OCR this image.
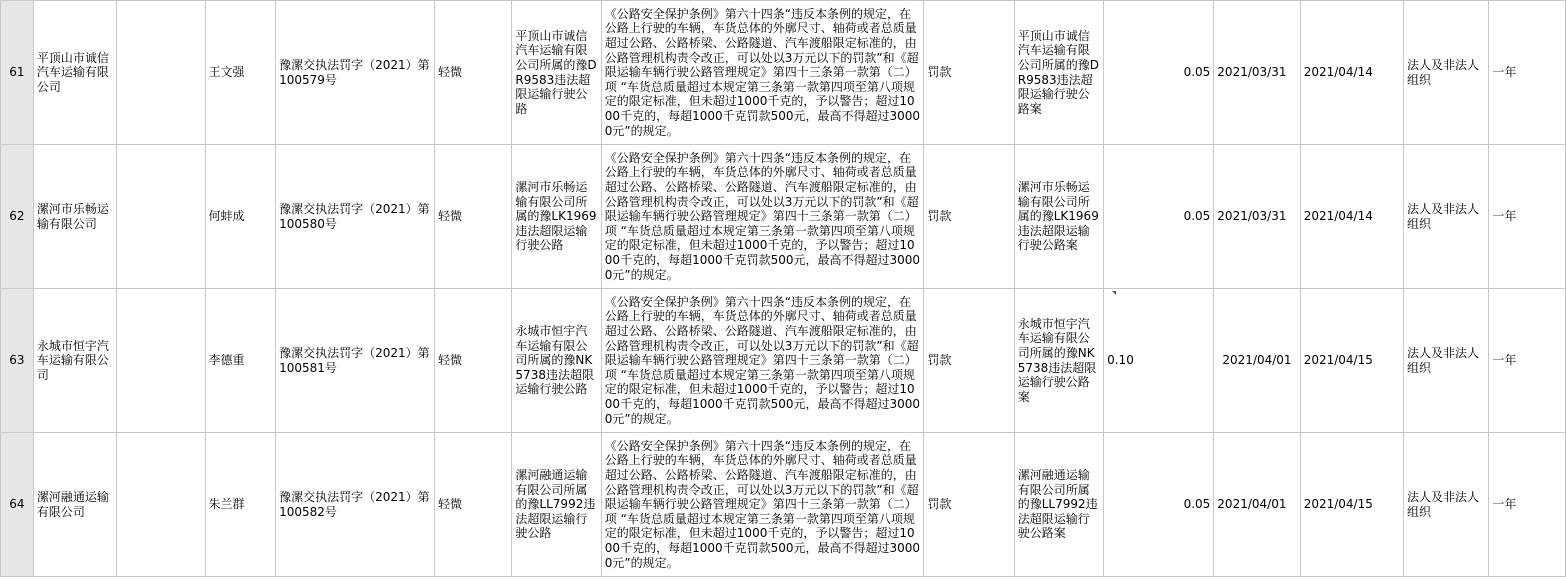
61	平顶山市诚信汽车运输有限公司		王文强	豫漯交执法罚字（2021）第100579号	轻微	平顶山市诚信汽车运输有限公司所属的豫DR9583违法超限运输行驶公路	《公路安全保护条例》第六十四条“违反本条例的规定，在公路上行驶的车辆，车货总体的外廓尺寸、轴荷或者总质量超过公路、公路桥梁、公路隧道、汽车渡船限定标准的，由公路管理机构责令改正，可以处以3万元以下的罚款”和《超限运输车辆行驶公路管理规定》第四十三条第一款第（二）项 “车货总质量超过本规定第三条第一款第四项至第八项规定的限定标准，但未超过1000千克的，予以警告；超过1000千克的，每超1000千克罚款500元，最高不得超过30000元”的规定。	罚款	平顶山市诚信汽车运输有限公司所属的豫DR9583违法超限运输行驶公路案	0.05	2021/03/31	2021/04/14	法人及非法人组织	一年
62	漯河市乐畅运输有限公司		何蚌成	豫漯交执法罚字（2021）第100580号	轻微	漯河市乐畅运输有限公司所属的豫LK1969违法超限运输行驶公路	《公路安全保护条例》第六十四条“违反本条例的规定，在公路上行驶的车辆，车货总体的外廓尺寸、轴荷或者总质量超过公路、公路桥梁、公路隧道、汽车渡船限定标准的，由公路管理机构责令改正，可以处以3万元以下的罚款”和《超限运输车辆行驶公路管理规定》第四十三条第一款第（二）项 “车货总质量超过本规定第三条第一款第四项至第八项规定的限定标准，但未超过1000千克的，予以警告；超过1000千克的，每超1000千克罚款500元，最高不得超过30000元”的规定。	罚款	漯河市乐畅运输有限公司所属的豫LK1969违法超限运输行驶公路案	0.05	2021/03/31	2021/04/14	法人及非法人组织	一年
63	永城市恒宇汽车运输有限公司		李德重	豫漯交执法罚字（2021）第100581号	轻微	永城市恒宇汽车运输有限公司所属的豫NK5738违法超限运输行驶公路	《公路安全保护条例》第六十四条“违反本条例的规定，在公路上行驶的车辆，车货总体的外廓尺寸、轴荷或者总质量超过公路、公路桥梁、公路隧道、汽车渡船限定标准的，由公路管理机构责令改正，可以处以3万元以下的罚款”和《超限运输车辆行驶公路管理规定》第四十三条第一款第（二）项 “车货总质量超过本规定第三条第一款第四项至第八项规定的限定标准，但未超过1000千克的，予以警告；超过1000千克的，每超1000千克罚款500元，最高不得超过30000元”的规定。	罚款	永城市恒宇汽车运输有限公司所属的豫NK5738违法超限运输行驶公路案	0.10	2021/04/01	2021/04/15	法人及非法人组织	一年
64	漯河融通运输有限公司		朱兰群	豫漯交执法罚字（2021）第100582号	轻微	漯河融通运输有限公司所属的豫LL7992违法超限运输行驶公路	《公路安全保护条例》第六十四条“违反本条例的规定，在公路上行驶的车辆，车货总体的外廓尺寸、轴荷或者总质量超过公路、公路桥梁、公路隧道、汽车渡船限定标准的，由公路管理机构责令改正，可以处以3万元以下的罚款”和《超限运输车辆行驶公路管理规定》第四十三条第一款第（二）项 “车货总质量超过本规定第三条第一款第四项至第八项规定的限定标准，但未超过1000千克的，予以警告；超过1000千克的，每超1000千克罚款500元，最高不得超过30000元”的规定。	罚款	漯河融通运输有限公司所属的豫LL7992违法超限运输行驶公路案	0.05	2021/04/01	2021/04/15	法人及非法人组织	一年
